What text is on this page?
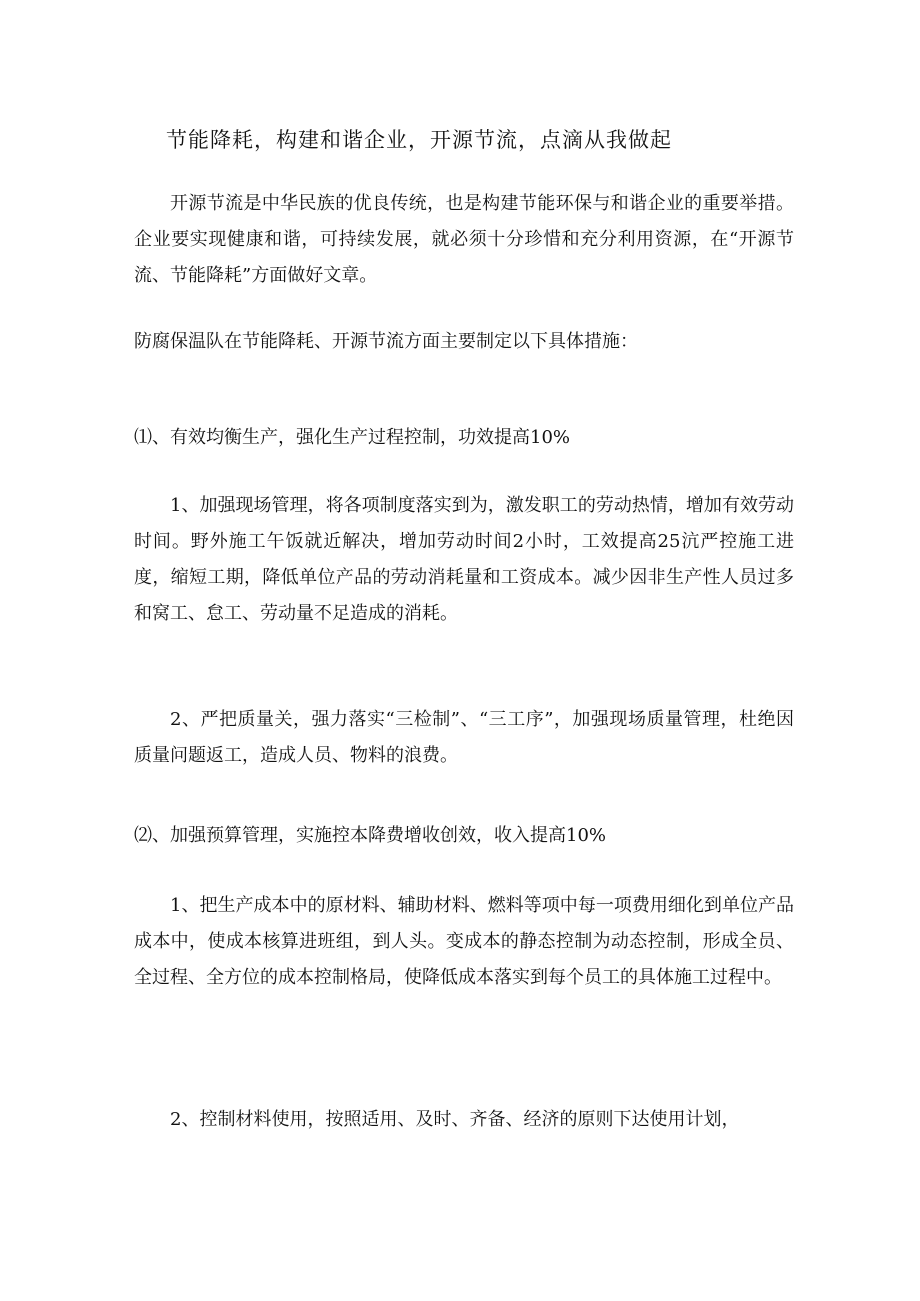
节能降耗，构建和谐企业，开源节流，点滴从我做起
开源节流是中华民族的优良传统，也是构建节能环保与和谐企业的重要举措。企业要实现健康和谐，可持续发展，就必须十分珍惜和充分利用资源，在“开源节流、节能降耗”方面做好文章。
防腐保温队在节能降耗、开源节流方面主要制定以下具体措施：
⑴、有效均衡生产，强化生产过程控制，功效提高10%
1、加强现场管理，将各项制度落实到为，激发职工的劳动热情，增加有效劳动时间。野外施工午饭就近解决，增加劳动时间2小时，工效提高25沆严控施工进度，缩短工期，降低单位产品的劳动消耗量和工资成本。减少因非生产性人员过多和窝工、怠工、劳动量不足造成的消耗。
2、严把质量关，强力落实“三检制”、“三工序”，加强现场质量管理，杜绝因质量问题返工，造成人员、物料的浪费。
⑵、加强预算管理，实施控本降费增收创效，收入提高10%
1、把生产成本中的原材料、辅助材料、燃料等项中每一项费用细化到单位产品成本中，使成本核算进班组，到人头。变成本的静态控制为动态控制，形成全员、全过程、全方位的成本控制格局，使降低成本落实到每个员工的具体施工过程中。
2、控制材料使用，按照适用、及时、齐备、经济的原则下达使用计划，
